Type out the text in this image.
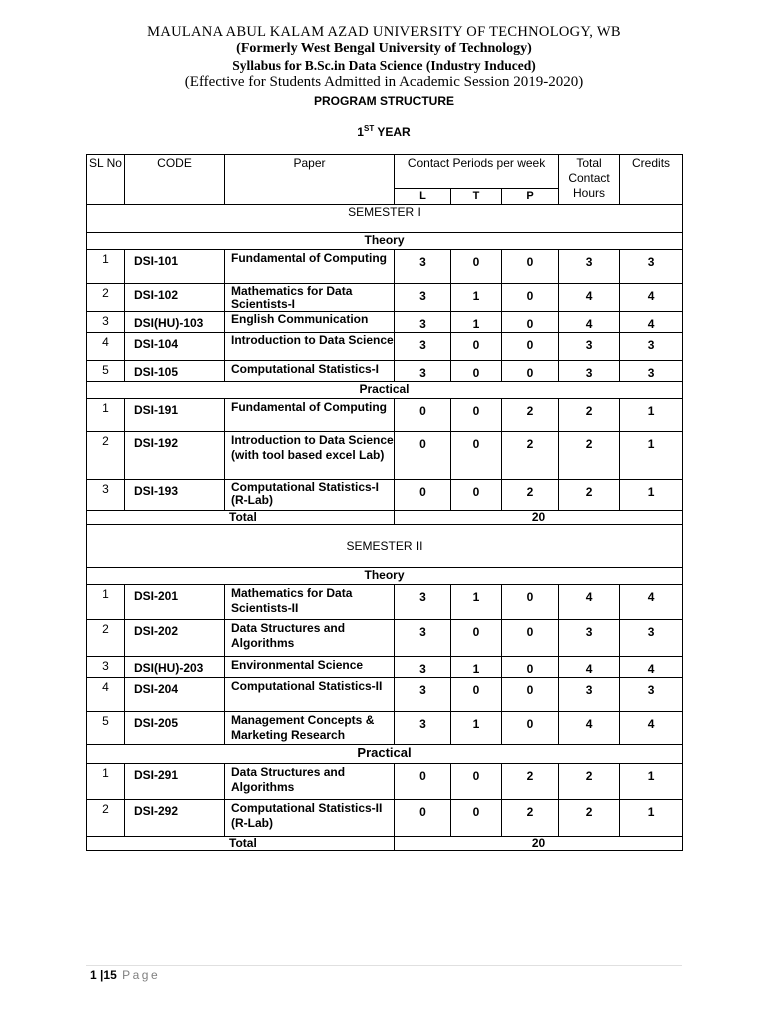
MAULANA ABUL KALAM AZAD UNIVERSITY OF TECHNOLOGY, WB
(Formerly West Bengal University of Technology)
Syllabus for B.Sc.in Data Science (Industry Induced)
(Effective for Students Admitted in Academic Session 2019-2020)
PROGRAM STRUCTURE
1ST YEAR
SL No	CODE	Paper	Contact Periods per week			Total Contact Hours	Credits
			L	T	P		
SEMESTER I							
Theory							
1	DSI-101	Fundamental of Computing	3	0	0	3	3
2	DSI-102	Mathematics for Data Scientists-I	3	1	0	4	4
3	DSI(HU)-103	English Communication	3	1	0	4	4
4	DSI-104	Introduction to Data Science	3	0	0	3	3
5	DSI-105	Computational Statistics-I	3	0	0	3	3
Practical							
1	DSI-191	Fundamental of Computing	0	0	2	2	1
2	DSI-192	Introduction to Data Science (with tool based excel Lab)	0	0	2	2	1
3	DSI-193	Computational Statistics-I (R-Lab)	0	0	2	2	1
Total			20				
SEMESTER II							
Theory							
1	DSI-201	Mathematics for Data Scientists-II	3	1	0	4	4
2	DSI-202	Data Structures and Algorithms	3	0	0	3	3
3	DSI(HU)-203	Environmental Science	3	1	0	4	4
4	DSI-204	Computational Statistics-II	3	0	0	3	3
5	DSI-205	Management Concepts & Marketing Research	3	1	0	4	4
Practical							
1	DSI-291	Data Structures and Algorithms	0	0	2	2	1
2	DSI-292	Computational Statistics-II (R-Lab)	0	0	2	2	1
Total			20				
1 |15 Page
